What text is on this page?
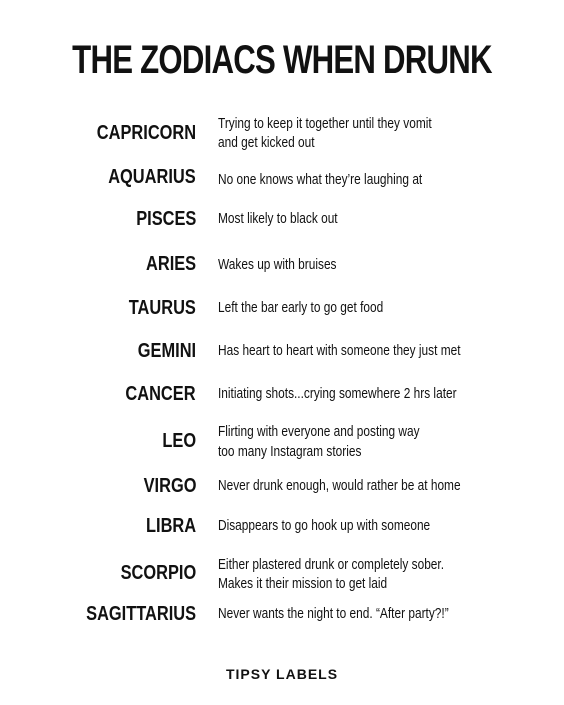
THE ZODIACS WHEN DRUNK
CAPRICORN Trying to keep it together until they vomit
and get kicked out
AQUARIUS No one knows what they’re laughing at
PISCES Most likely to black out
ARIES Wakes up with bruises
TAURUS Left the bar early to go get food
GEMINI Has heart to heart with someone they just met
CANCER Initiating shots...crying somewhere 2 hrs later
LEO Flirting with everyone and posting way
too many Instagram stories
VIRGO Never drunk enough, would rather be at home
LIBRA Disappears to go hook up with someone
SCORPIO Either plastered drunk or completely sober.
Makes it their mission to get laid
SAGITTARIUS Never wants the night to end. “After party?!”
TIPSY LABELS
